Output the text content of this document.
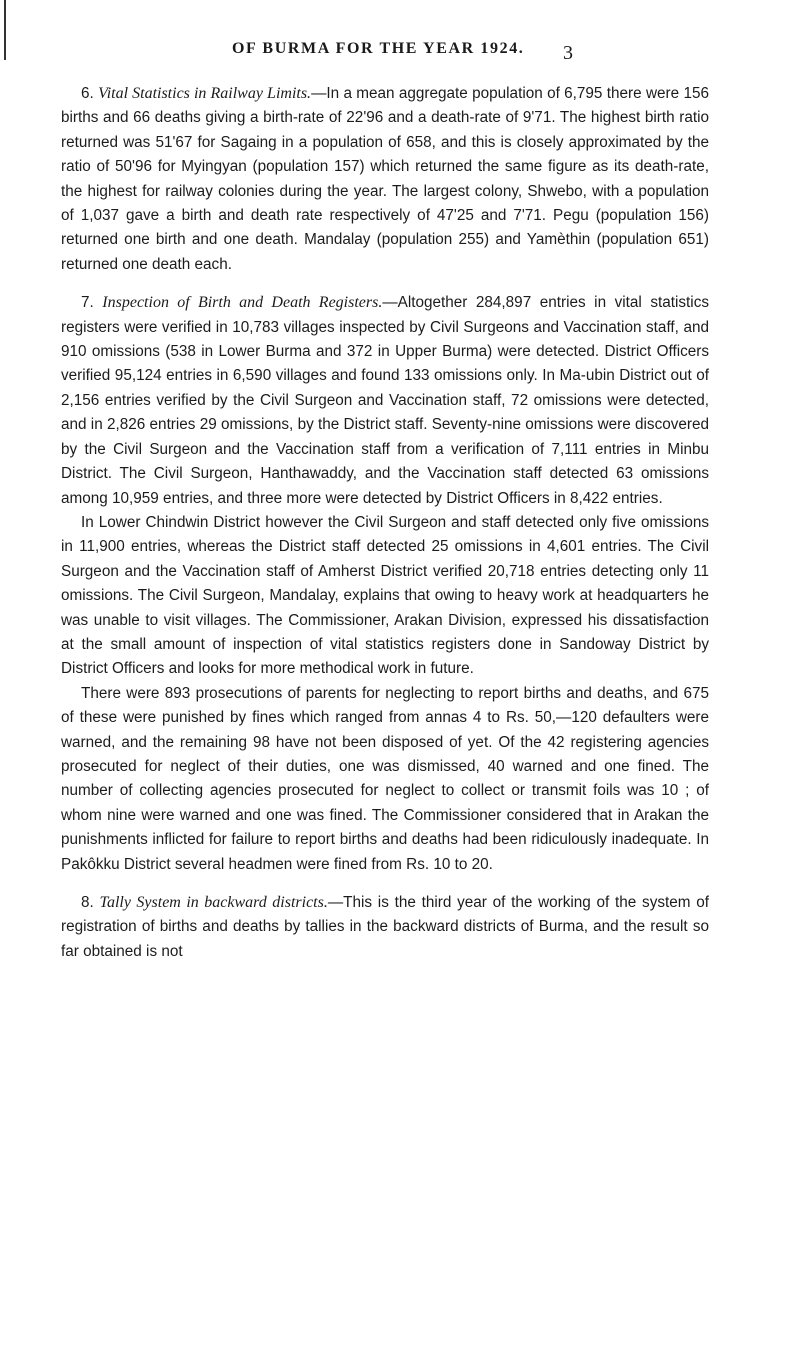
OF BURMA FOR THE YEAR 1924. 3

6. Vital Statistics in Railway Limits.—In a mean aggregate population of 6,795 there were 156 births and 66 deaths giving a birth-rate of 22'96 and a death-rate of 9'71. The highest birth ratio returned was 51'67 for Sagaing in a population of 658, and this is closely approximated by the ratio of 50'96 for Myingyan (population 157) which returned the same figure as its death-rate, the highest for railway colonies during the year. The largest colony, Shwebo, with a population of 1,037 gave a birth and death rate respectively of 47'25 and 7'71. Pegu (population 156) returned one birth and one death. Mandalay (population 255) and Yamèthin (population 651) returned one death each.

7. Inspection of Birth and Death Registers.—Altogether 284,897 entries in vital statistics registers were verified in 10,783 villages inspected by Civil Surgeons and Vaccination staff, and 910 omissions (538 in Lower Burma and 372 in Upper Burma) were detected. District Officers verified 95,124 entries in 6,590 villages and found 133 omissions only. In Ma-ubin District out of 2,156 entries verified by the Civil Surgeon and Vaccination staff, 72 omissions were detected, and in 2,826 entries 29 omissions, by the District staff. Seventy-nine omissions were discovered by the Civil Surgeon and the Vaccination staff from a verification of 7,111 entries in Minbu District. The Civil Surgeon, Hanthawaddy, and the Vaccination staff detected 63 omissions among 10,959 entries, and three more were detected by District Officers in 8,422 entries.

In Lower Chindwin District however the Civil Surgeon and staff detected only five omissions in 11,900 entries, whereas the District staff detected 25 omissions in 4,601 entries. The Civil Surgeon and the Vaccination staff of Amherst District verified 20,718 entries detecting only 11 omissions. The Civil Surgeon, Mandalay, explains that owing to heavy work at headquarters he was unable to visit villages. The Commissioner, Arakan Division, expressed his dissatisfaction at the small amount of inspection of vital statistics registers done in Sandoway District by District Officers and looks for more methodical work in future.

There were 893 prosecutions of parents for neglecting to report births and deaths, and 675 of these were punished by fines which ranged from annas 4 to Rs. 50,—120 defaulters were warned, and the remaining 98 have not been disposed of yet. Of the 42 registering agencies prosecuted for neglect of their duties, one was dismissed, 40 warned and one fined. The number of collecting agencies prosecuted for neglect to collect or transmit foils was 10 ; of whom nine were warned and one was fined. The Commissioner considered that in Arakan the punishments inflicted for failure to report births and deaths had been ridiculously inadequate. In Pakôkku District several headmen were fined from Rs. 10 to 20.

8. Tally System in backward districts.—This is the third year of the working of the system of registration of births and deaths by tallies in the backward districts of Burma, and the result so far obtained is not
